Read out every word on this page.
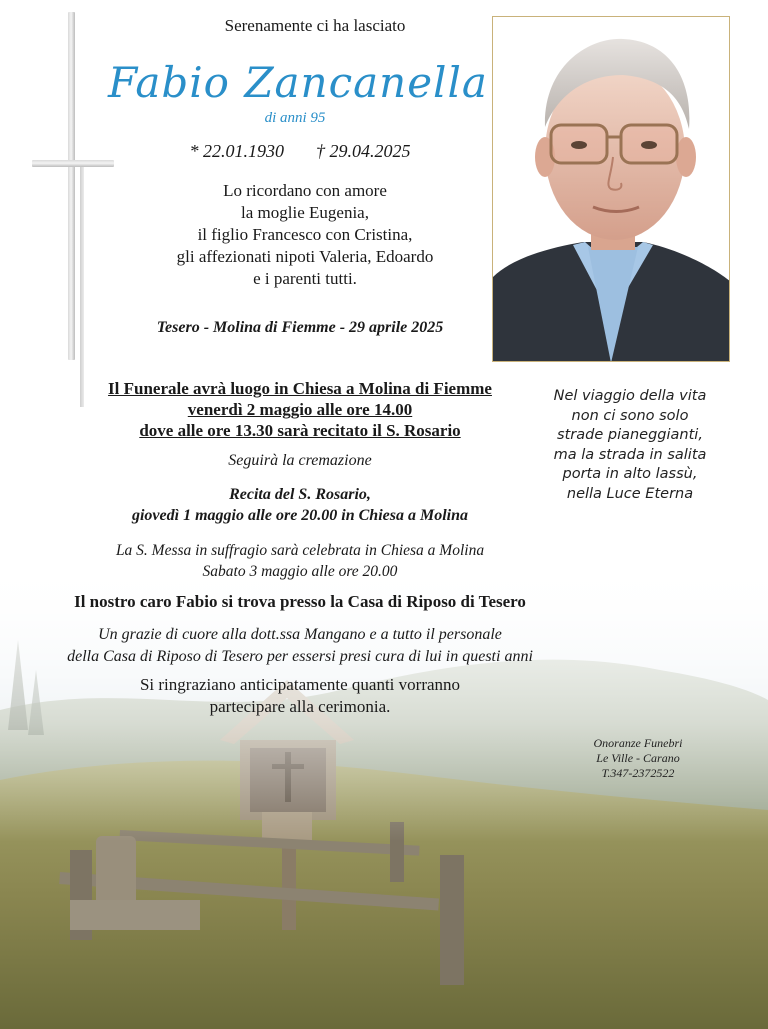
Serenamente ci ha lasciato
Fabio Zancanella
di anni 95
* 22.01.1930 † 29.04.2025
Lo ricordano con amore
la moglie Eugenia,
il figlio Francesco con Cristina,
gli affezionati nipoti Valeria, Edoardo
e i parenti tutti.
Tesero - Molina di Fiemme - 29 aprile 2025
Il Funerale avrà luogo in Chiesa a Molina di Fiemme
venerdì 2 maggio alle ore 14.00
dove alle ore 13.30 sarà recitato il S. Rosario
Seguirà la cremazione
Recita del S. Rosario,
giovedì 1 maggio alle ore 20.00 in Chiesa a Molina
La S. Messa in suffragio sarà celebrata in Chiesa a Molina
Sabato 3 maggio alle ore 20.00
Il nostro caro Fabio si trova presso la Casa di Riposo di Tesero
Un grazie di cuore alla dott.ssa Mangano e a tutto il personale
della Casa di Riposo di Tesero per essersi presi cura di lui in questi anni
Si ringraziano anticipatamente quanti vorranno
partecipare alla cerimonia.
Nel viaggio della vita
non ci sono solo
strade pianeggianti,
ma la strada in salita
porta in alto lassù,
nella Luce Eterna
Onoranze Funebri
Le Ville - Carano
T.347-2372522
